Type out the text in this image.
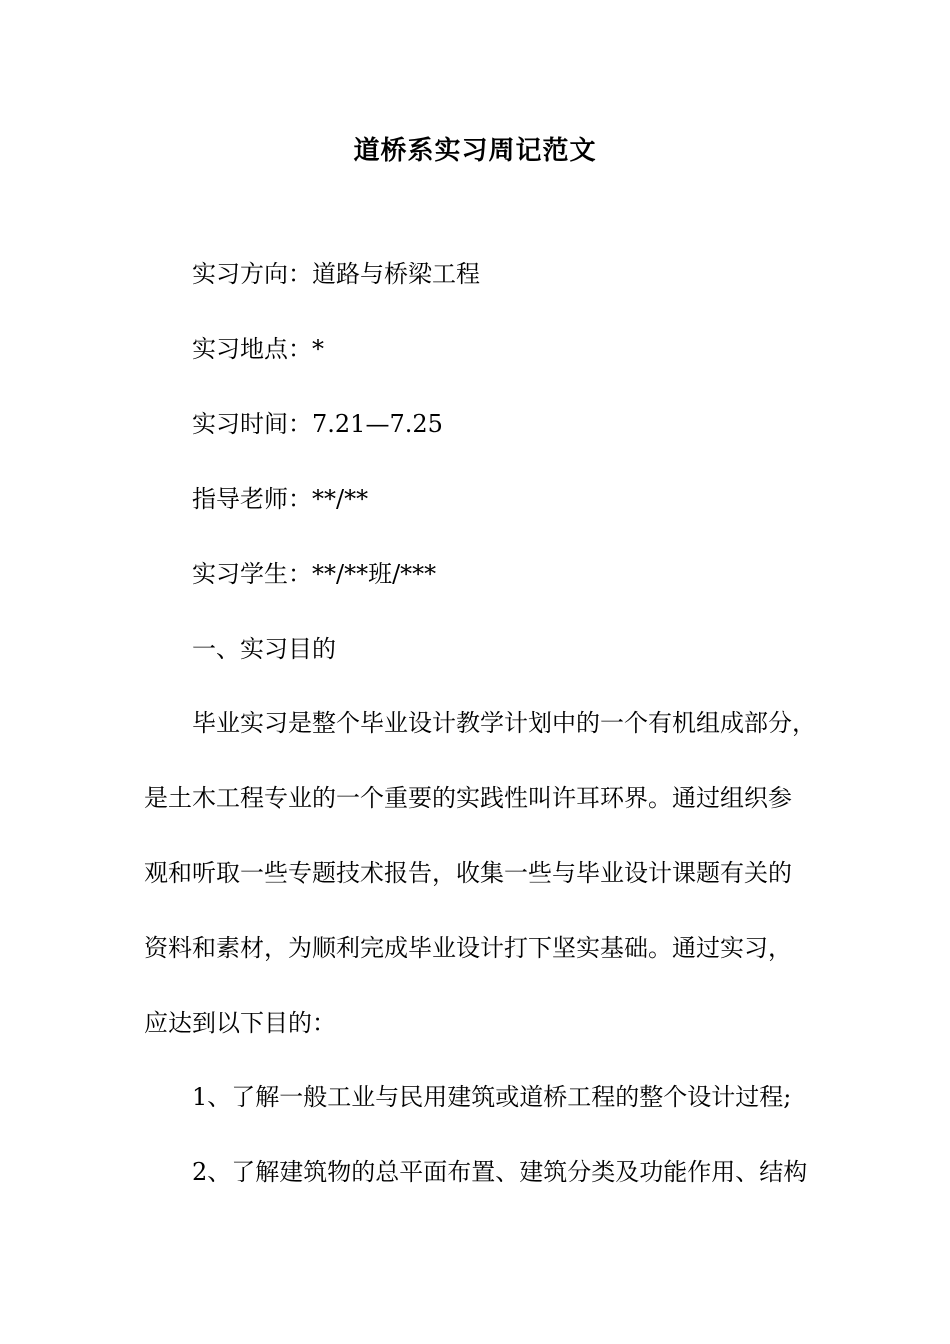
道桥系实习周记范文
实习方向：道路与桥梁工程
实习地点：*
实习时间：7.21—7.25
指导老师：**/**
实习学生：**/**班/***
一、实习目的
毕业实习是整个毕业设计教学计划中的一个有机组成部分，
是土木工程专业的一个重要的实践性叫许耳环界。通过组织参
观和听取一些专题技术报告，收集一些与毕业设计课题有关的
资料和素材，为顺利完成毕业设计打下坚实基础。通过实习，
应达到以下目的：
1、了解一般工业与民用建筑或道桥工程的整个设计过程;
2、了解建筑物的总平面布置、建筑分类及功能作用、结构
